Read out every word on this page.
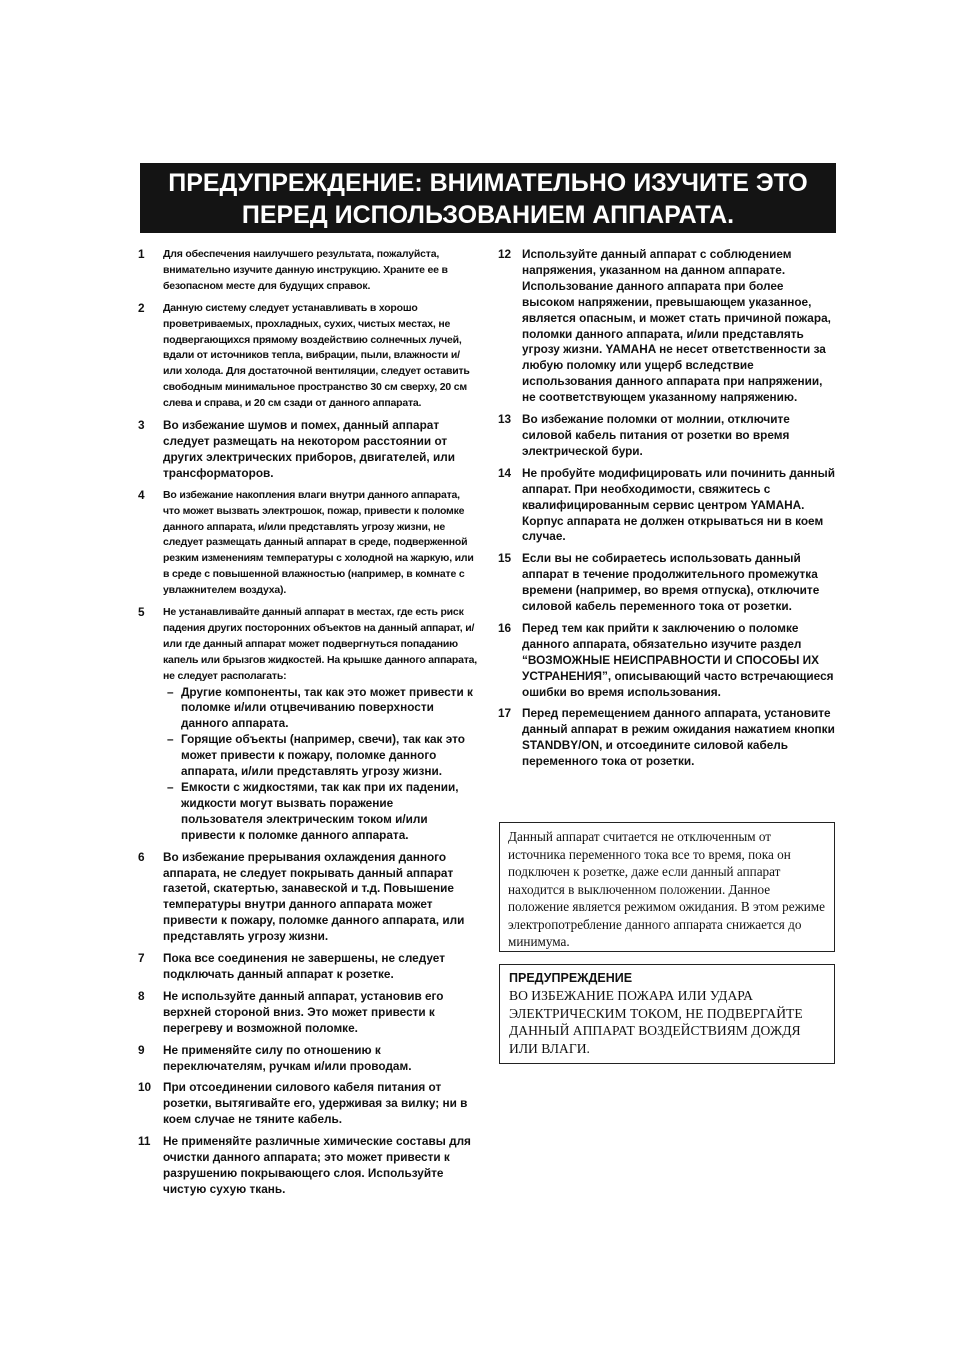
ПРЕДУПРЕЖДЕНИЕ: ВНИМАТЕЛЬНО ИЗУЧИТЕ ЭТО
ПЕРЕД ИСПОЛЬЗОВАНИЕМ АППАРАТА.
1	Для обеспечения наилучшего результата, пожалуйста, внимательно изучите данную инструкцию. Храните ее в безопасном месте для будущих справок.
2	Данную систему следует устанавливать в хорошо проветриваемых, прохладных, сухих, чистых местах, не подвергающихся прямому воздействию солнечных лучей, вдали от источников тепла, вибрации, пыли, влажности и/или холода. Для достаточной вентиляции, следует оставить свободным минимальное пространство 30 см сверху, 20 см слева и справа, и 20 см сзади от данного аппарата.
3	Во избежание шумов и помех, данный аппарат следует размещать на некотором расстоянии от других электрических приборов, двигателей, или трансформаторов.
4	Во избежание накопления влаги внутри данного аппарата, что может вызвать электрошок, пожар, привести к поломке данного аппарата, и/или представлять угрозу жизни, не следует размещать данный аппарат в среде, подверженной резким изменениям температуры с холодной на жаркую, или в среде с повышенной влажностью (например, в комнате с увлажнителем воздуха).
5	Не устанавливайте данный аппарат в местах, где есть риск падения других посторонних объектов на данный аппарат, и/или где данный аппарат может подвергнуться попаданию капель или брызгов жидкостей. На крышке данного аппарата, не следует располагать:
– Другие компоненты, так как это может привести к поломке и/или отцвечиванию поверхности данного аппарата.
– Горящие объекты (например, свечи), так как это может привести к пожару, поломке данного аппарата, и/или представлять угрозу жизни.
– Емкости с жидкостями, так как при их падении, жидкости могут вызвать поражение пользователя электрическим током и/или привести к поломке данного аппарата.
6	Во избежание прерывания охлаждения данного аппарата, не следует покрывать данный аппарат газетой, скатертью, занавеской и т.д. Повышение температуры внутри данного аппарата может привести к пожару, поломке данного аппарата, или представлять угрозу жизни.
7	Пока все соединения не завершены, не следует подключать данный аппарат к розетке.
8	Не используйте данный аппарат, установив его верхней стороной вниз. Это может привести к перегреву и возможной поломке.
9	Не применяйте силу по отношению к переключателям, ручкам и/или проводам.
10	При отсоединении силового кабеля питания от розетки, вытягивайте его, удерживая за вилку; ни в коем случае не тяните кабель.
11	Не применяйте различные химические составы для очистки данного аппарата; это может привести к разрушению покрывающего слоя. Используйте чистую сухую ткань.
12 Используйте данный аппарат с соблюдением напряжения, указанном на данном аппарате. Использование данного аппарата при более высоком напряжении, превышающем указанное, является опасным, и может стать причиной пожара, поломки данного аппарата, и/или представлять угрозу жизни. YAMAHA не несет ответственности за любую поломку или ущерб вследствие использования данного аппарата при напряжении, не соответствующем указанному напряжению.
13 Во избежание поломки от молнии, отключите силовой кабель питания от розетки во время электрической бури.
14 Не пробуйте модифицировать или починить данный аппарат. При необходимости, свяжитесь с квалифицированным сервис центром YAMAHA. Корпус аппарата не должен открываться ни в коем случае.
15 Если вы не собираетесь использовать данный аппарат в течение продолжительного промежутка времени (например, во время отпуска), отключите силовой кабель переменного тока от розетки.
16 Перед тем как прийти к заключению о поломке данного аппарата, обязательно изучите раздел “ВОЗМОЖНЫЕ НЕИСПРАВНОСТИ И СПОСОБЫ ИХ УСТРАНЕНИЯ”, описывающий часто встречающиеся ошибки во время использования.
17 Перед перемещением данного аппарата, установите данный аппарат в режим ожидания нажатием кнопки STANDBY/ON, и отсоедините силовой кабель переменного тока от розетки.
Данный аппарат считается не отключенным от источника переменного тока все то время, пока он подключен к розетке, даже если данный аппарат находится в выключенном положении. Данное положение является режимом ожидания. В этом режиме электропотребление данного аппарата снижается до минимума.
ПРЕДУПРЕЖДЕНИЕ
ВО ИЗБЕЖАНИЕ ПОЖАРА ИЛИ УДАРА ЭЛЕКТРИЧЕСКИМ ТОКОМ, НЕ ПОДВЕРГАЙТЕ ДАННЫЙ АППАРАТ ВОЗДЕЙСТВИЯМ ДОЖДЯ ИЛИ ВЛАГИ.
